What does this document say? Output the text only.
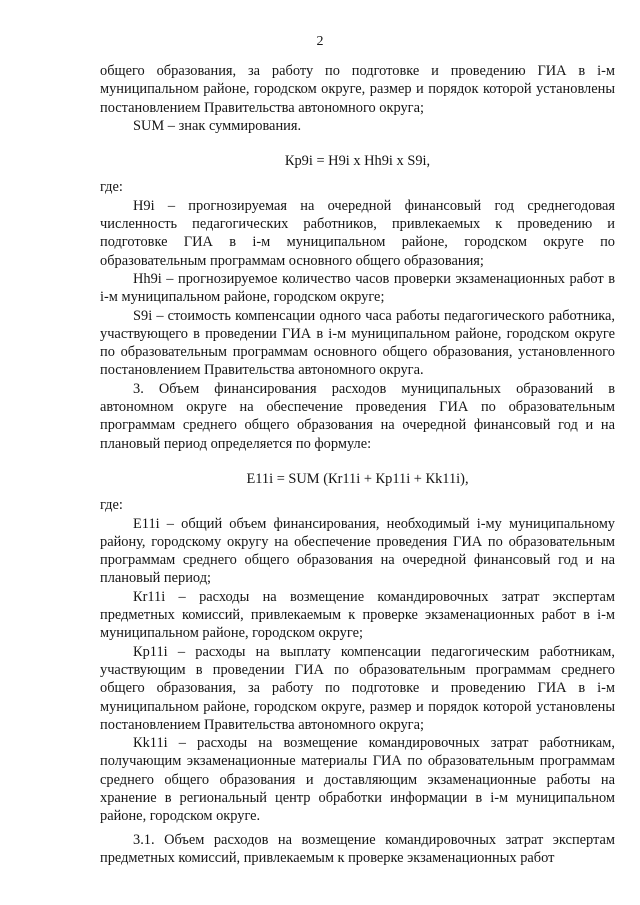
2

общего образования, за работу по подготовке и проведению ГИА в i-м муниципальном районе, городском округе, размер и порядок которой установлены постановлением Правительства автономного округа;

SUM – знак суммирования.

Кр9i = Н9i х Нh9i х S9i,

где:

Н9i – прогнозируемая на очередной финансовый год среднегодовая численность педагогических работников, привлекаемых к проведению и подготовке ГИА в i-м муниципальном районе, городском округе по образовательным программам основного общего образования;

Нh9i – прогнозируемое количество часов проверки экзаменационных работ в i-м муниципальном районе, городском округе;

S9i – стоимость компенсации одного часа работы педагогического работника, участвующего в проведении ГИА в i-м муниципальном районе, городском округе по образовательным программам основного общего образования, установленного постановлением Правительства автономного округа.

3. Объем финансирования расходов муниципальных образований в автономном округе на обеспечение проведения ГИА по образовательным программам среднего общего образования на очередной финансовый год и на плановый период определяется по формуле:

Е11i = SUM (Кr11i + Кр11i + Кk11i),

где:

Е11i – общий объем финансирования, необходимый i-му муниципальному району, городскому округу на обеспечение проведения ГИА по образовательным программам среднего общего образования на очередной финансовый год и на плановый период;

Кr11i – расходы на возмещение командировочных затрат экспертам предметных комиссий, привлекаемым к проверке экзаменационных работ в i-м муниципальном районе, городском округе;

Кр11i – расходы на выплату компенсации педагогическим работникам, участвующим в проведении ГИА по образовательным программам среднего общего образования, за работу по подготовке и проведению ГИА в i-м муниципальном районе, городском округе, размер и порядок которой установлены постановлением Правительства автономного округа;

Кk11i – расходы на возмещение командировочных затрат работникам, получающим экзаменационные материалы ГИА по образовательным программам среднего общего образования и доставляющим экзаменационные работы на хранение в региональный центр обработки информации в i-м муниципальном районе, городском округе.

3.1. Объем расходов на возмещение командировочных затрат экспертам предметных комиссий, привлекаемым к проверке экзаменационных работ
